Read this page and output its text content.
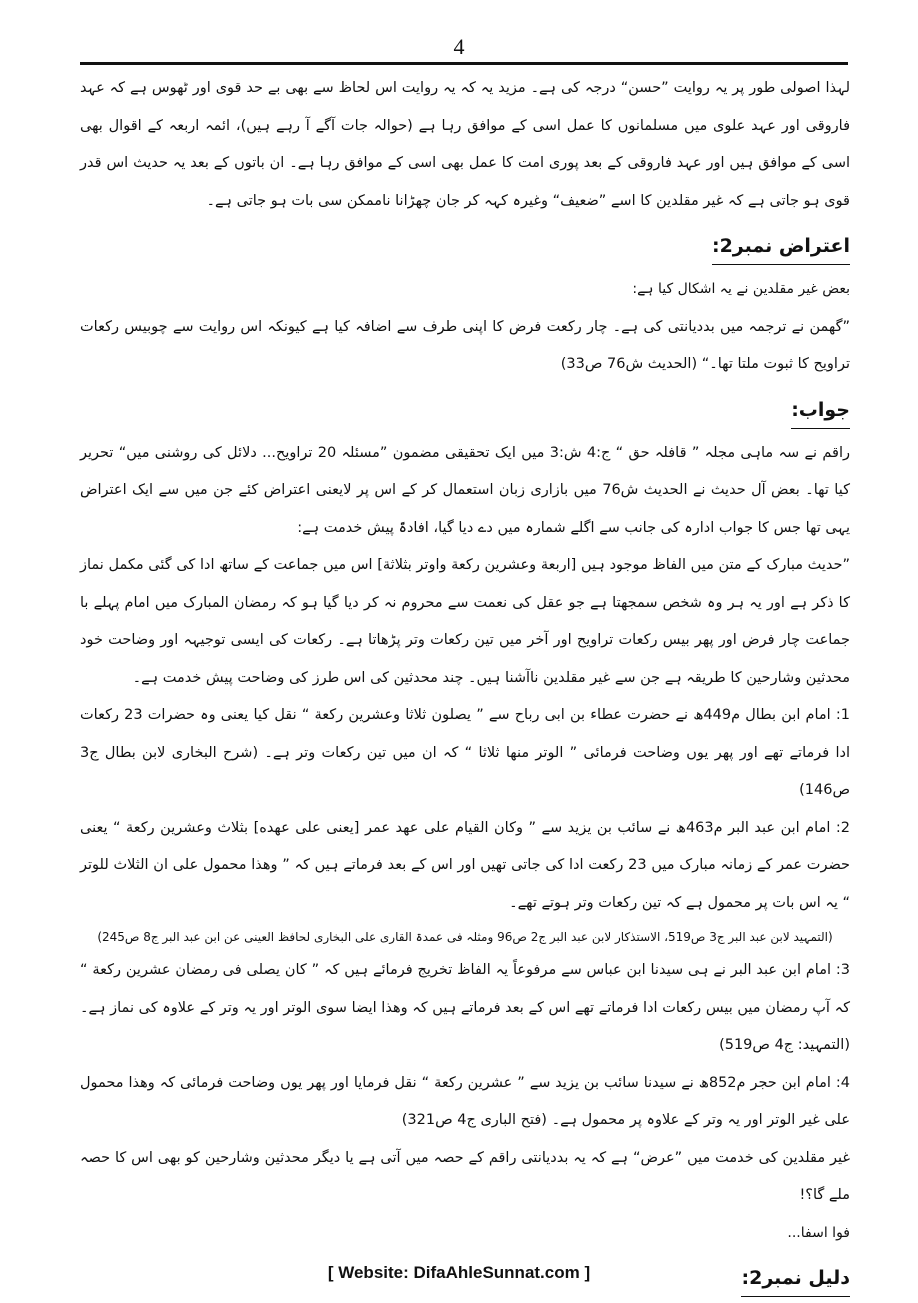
4

لہذا اصولی طور پر یہ روایت ”حسن“ درجہ کی ہے۔ مزید یہ کہ یہ روایت اس لحاظ سے بھی بے حد قوی اور ٹھوس ہے کہ عہد فاروقی اور عہد علوی میں مسلمانوں کا عمل اسی کے موافق رہا ہے (حوالہ جات آگے آ رہے ہیں)، ائمہ اربعہ کے اقوال بھی اسی کے موافق ہیں اور عہد فاروقی کے بعد پوری امت کا عمل بھی اسی کے موافق رہا ہے۔ ان باتوں کے بعد یہ حدیث اس قدر قوی ہو جاتی ہے کہ غیر مقلدین کا اسے ”ضعیف“ وغیرہ کہہ کر جان چھڑانا ناممکن سی بات ہو جاتی ہے۔

اعتراض نمبر2:

بعض غیر مقلدین نے یہ اشکال کیا ہے:

”گھمن نے ترجمہ میں بددیانتی کی ہے۔ چار رکعت فرض کا اپنی طرف سے اضافہ کیا ہے کیونکہ اس روایت سے چوبیس رکعات تراویح کا ثبوت ملتا تھا۔“ (الحدیث ش76 ص33)

جواب:

راقم نے سہ ماہی مجلہ ” قافلہ حق “ ج:4 ش:3 میں ایک تحقیقی مضمون ”مسئلہ 20 تراویح... دلائل کی روشنی میں“ تحریر کیا تھا۔ بعض آل حدیث نے الحدیث ش76 میں بازاری زبان استعمال کر کے اس پر لایعنی اعتراض کئے جن میں سے ایک اعتراض یہی تھا جس کا جواب ادارہ کی جانب سے اگلے شمارہ میں دے دیا گیا، افادۃً پیش خدمت ہے:

”حدیث مبارک کے متن میں الفاظ موجود ہیں [اربعة وعشرین رکعة واوتر بثلاثة] اس میں جماعت کے ساتھ ادا کی گئی مکمل نماز کا ذکر ہے اور یہ ہر وہ شخص سمجھتا ہے جو عقل کی نعمت سے محروم نہ کر دیا گیا ہو کہ رمضان المبارک میں امام پہلے با جماعت چار فرض اور پھر بیس رکعات تراویح اور آخر میں تین رکعات وتر پڑھاتا ہے۔ رکعات کی ایسی توجیہہ اور وضاحت خود محدثین وشارحین کا طریقہ ہے جن سے غیر مقلدین ناآشنا ہیں۔ چند محدثین کی اس طرز کی وضاحت پیش خدمت ہے۔

1: امام ابن بطال م449ھ نے حضرت عطاء بن ابی رباح سے ” یصلون ثلاثا وعشرین رکعة “ نقل کیا یعنی وہ حضرات 23 رکعات ادا فرماتے تھے اور پھر یوں وضاحت فرمائی ” الوتر منها ثلاثا “ کہ ان میں تین رکعات وتر ہے۔ (شرح البخاری لابن بطال ج3 ص146)

2: امام ابن عبد البر م463ھ نے سائب بن یزید سے ” وکان القیام علی عهد عمر [یعنی علی عهده] بثلاث وعشرین رکعة “ یعنی حضرت عمر کے زمانہ مبارک میں 23 رکعت ادا کی جاتی تھیں اور اس کے بعد فرماتے ہیں کہ ” وهذا محمول علی ان الثلاث للوتر “ یہ اس بات پر محمول ہے کہ تین رکعات وتر ہوتے تھے۔

(التمہید لابن عبد البر ج3 ص519، الاستذکار لابن عبد البر ج2 ص96 ومثلہ فی عمدۃ القاری علی البخاری لحافظ العینی عن ابن عبد البر ج8 ص245)

3: امام ابن عبد البر نے ہی سیدنا ابن عباس سے مرفوعاً یہ الفاظ تخریج فرمائے ہیں کہ ” کان یصلی فی رمضان عشرین رکعة “ کہ آپ رمضان میں بیس رکعات ادا فرماتے تھے اس کے بعد فرماتے ہیں کہ وهذا ایضا سوی الوتر اور یہ وتر کے علاوہ کی نماز ہے۔ (التمہید: ج4 ص519)

4: امام ابن حجر م852ھ نے سیدنا سائب بن یزید سے ” عشرین رکعة “ نقل فرمایا اور پھر یوں وضاحت فرمائی کہ وهذا محمول علی غیر الوتر اور یہ وتر کے علاوہ پر محمول ہے۔ (فتح الباری ج4 ص321)

غیر مقلدین کی خدمت میں ”عرض“ ہے کہ یہ بددیانتی راقم کے حصہ میں آتی ہے یا دیگر محدثین وشارحین کو بھی اس کا حصہ ملے گا؟!

فوا اسفا...

دلیل نمبر2:
[ Website: DifaAhleSunnat.com ]
